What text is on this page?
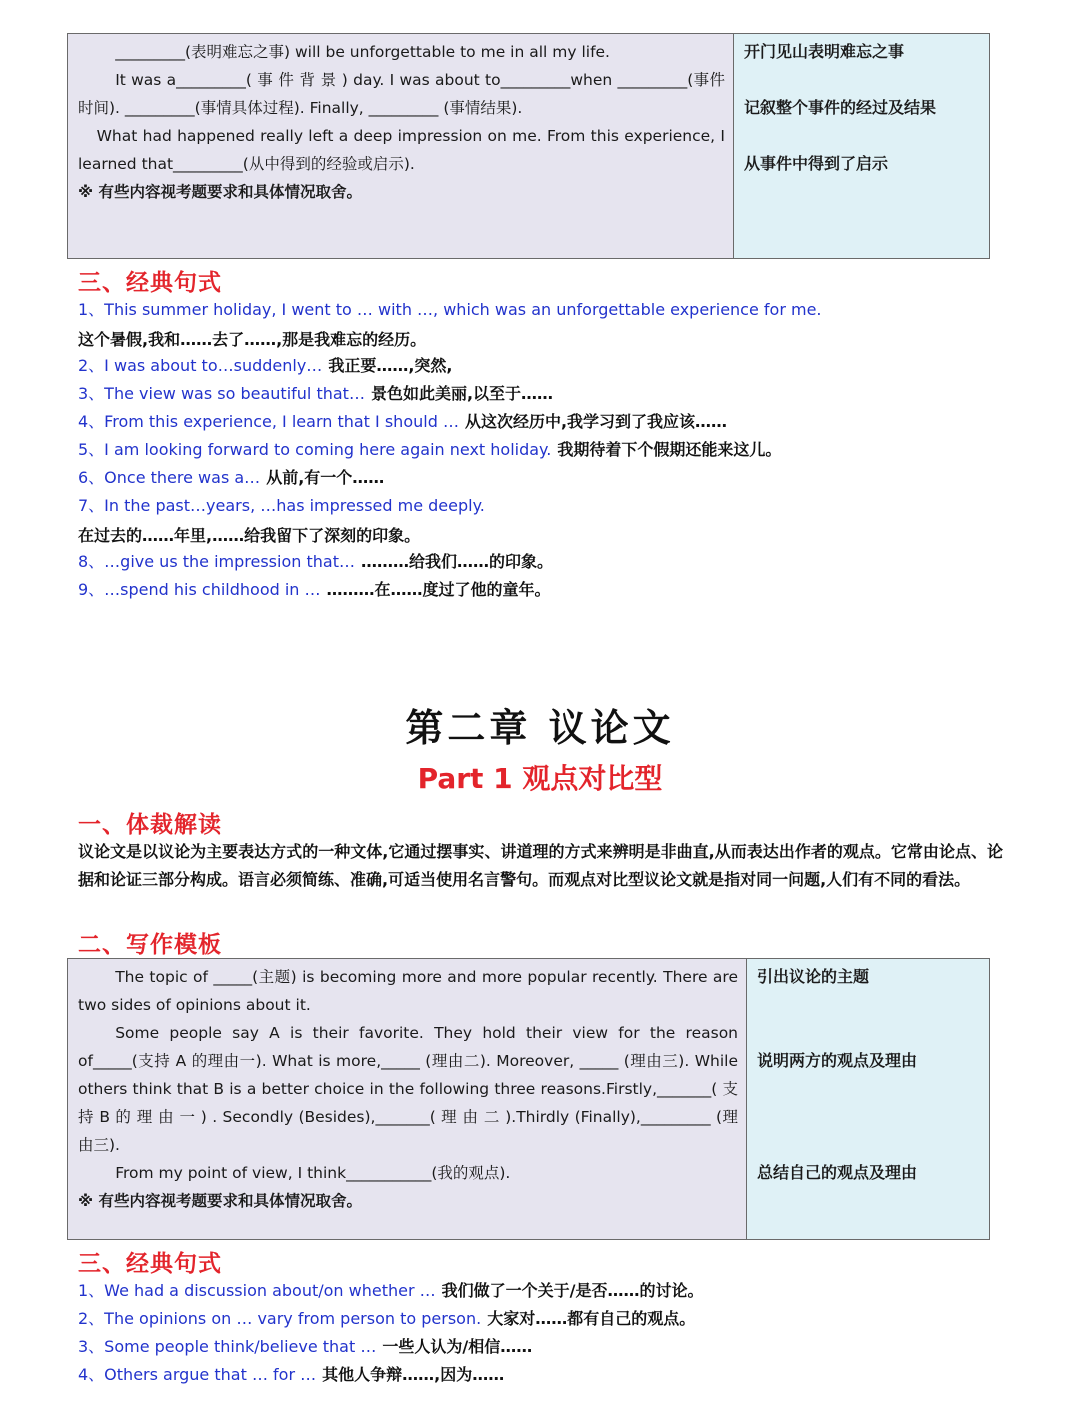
_________(表明难忘之事) will be unforgettable to me in all my life.
It was a_________( 事 件 背 景 ) day. I was about to_________when _________(事件时间). _________(事情具体过程). Finally, _________ (事情结果).
What had happened really left a deep impression on me. From this experience, I learned that_________(从中得到的经验或启示).
※ 有些内容视考题要求和具体情况取舍。
开门见山表明难忘之事
记叙整个事件的经过及结果
从事件中得到了启示
三、经典句式
1、This summer holiday, I went to … with …, which was an unforgettable experience for me.
这个暑假,我和……去了……,那是我难忘的经历。
2、I was about to…suddenly… 我正要……,突然,
3、The view was so beautiful that… 景色如此美丽,以至于……
4、From this experience, I learn that I should … 从这次经历中,我学习到了我应该……
5、I am looking forward to coming here again next holiday. 我期待着下个假期还能来这儿。
6、Once there was a… 从前,有一个……
7、In the past…years, …has impressed me deeply.
在过去的……年里,……给我留下了深刻的印象。
8、…give us the impression that… ………给我们……的印象。
9、…spend his childhood in … ………在……度过了他的童年。
第二章 议论文
Part 1 观点对比型
一、体裁解读
议论文是以议论为主要表达方式的一种文体,它通过摆事实、讲道理的方式来辨明是非曲直,从而表达出作者的观点。它常由论点、论据和论证三部分构成。语言必须简练、准确,可适当使用名言警句。而观点对比型议论文就是指对同一问题,人们有不同的看法。
二、写作模板
The topic of _____(主题) is becoming more and more popular recently. There are two sides of opinions about it.
Some people say A is their favorite. They hold their view for the reason of_____(支持 A 的理由一). What is more,_____ (理由二). Moreover, _____ (理由三). While others think that B is a better choice in the following three reasons.Firstly,_______( 支 持 B 的 理 由 一 ) . Secondly (Besides),_______( 理 由 二 ).Thirdly (Finally),_________ (理由三).
From my point of view, I think___________(我的观点).
※ 有些内容视考题要求和具体情况取舍。
引出议论的主题
说明两方的观点及理由
总结自己的观点及理由
三、经典句式
1、We had a discussion about/on whether … 我们做了一个关于/是否……的讨论。
2、The opinions on … vary from person to person. 大家对……都有自己的观点。
3、Some people think/believe that … 一些人认为/相信……
4、Others argue that … for … 其他人争辩……,因为……
